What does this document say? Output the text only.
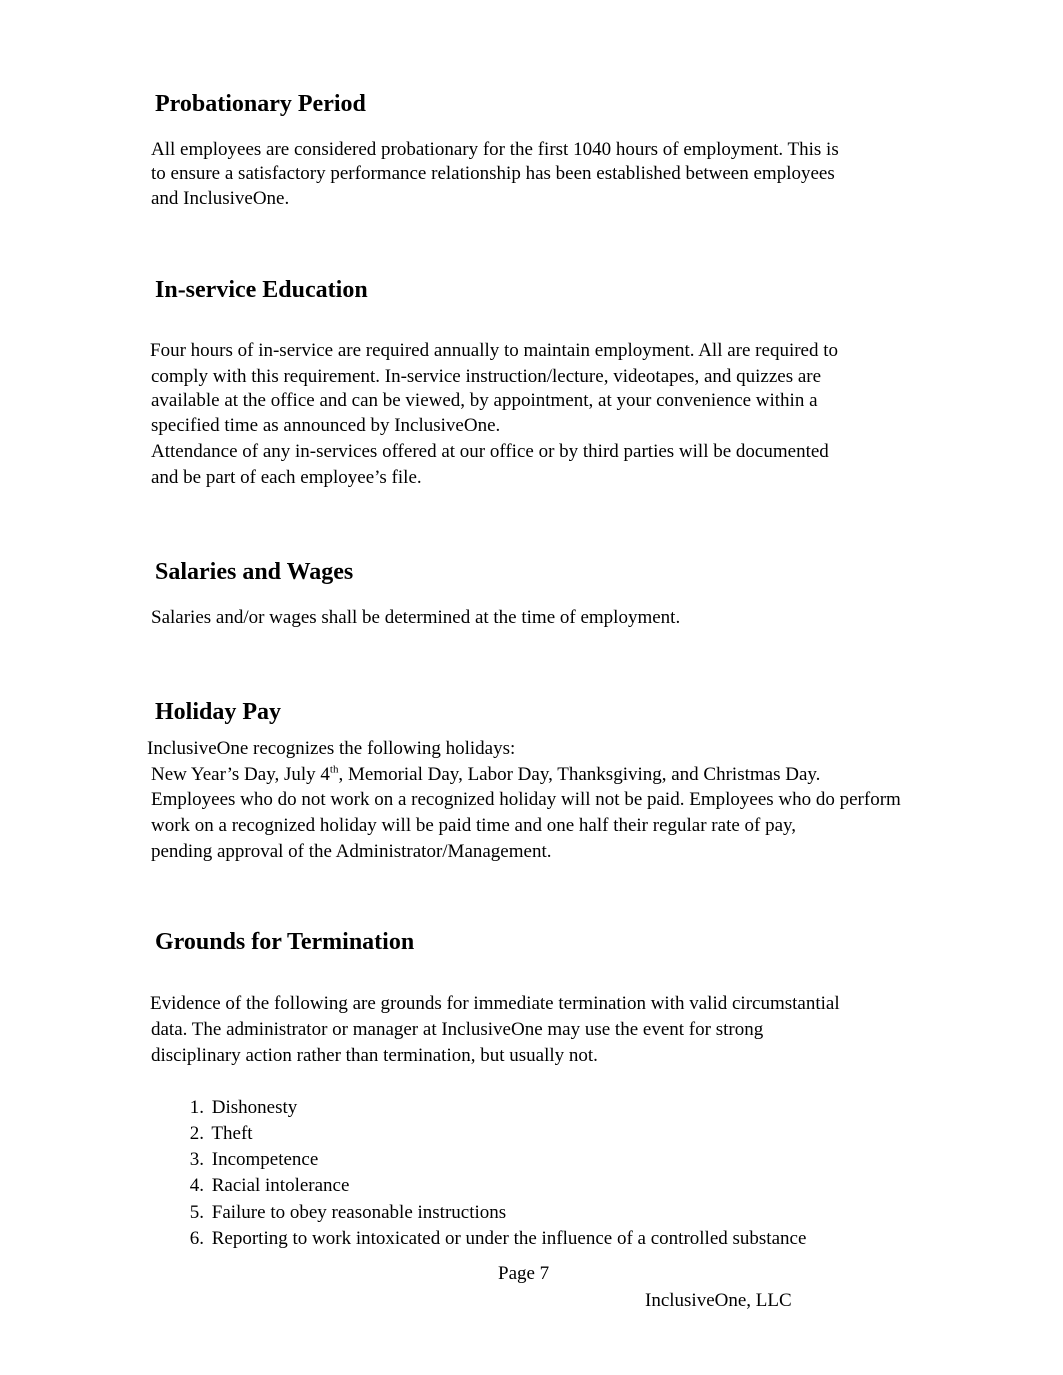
Probationary Period
All employees are considered probationary for the first 1040 hours of employment. This is
to ensure a satisfactory performance relationship has been established between employees
and InclusiveOne.
In-service Education
Four hours of in-service are required annually to maintain employment. All are required to
comply with this requirement. In-service instruction/lecture, videotapes, and quizzes are
available at the office and can be viewed, by appointment, at your convenience within a
specified time as announced by InclusiveOne.
Attendance of any in-services offered at our office or by third parties will be documented
and be part of each employee’s file.
Salaries and Wages
Salaries and/or wages shall be determined at the time of employment.
Holiday Pay
InclusiveOne recognizes the following holidays:
New Year’s Day, July 4th, Memorial Day, Labor Day, Thanksgiving, and Christmas Day.
Employees who do not work on a recognized holiday will not be paid. Employees who do perform
work on a recognized holiday will be paid time and one half their regular rate of pay,
pending approval of the Administrator/Management.
Grounds for Termination
Evidence of the following are grounds for immediate termination with valid circumstantial
data. The administrator or manager at InclusiveOne may use the event for strong
disciplinary action rather than termination, but usually not.
1. Dishonesty
2. Theft
3. Incompetence
4. Racial intolerance
5. Failure to obey reasonable instructions
6. Reporting to work intoxicated or under the influence of a controlled substance
Page 7
InclusiveOne, LLC
